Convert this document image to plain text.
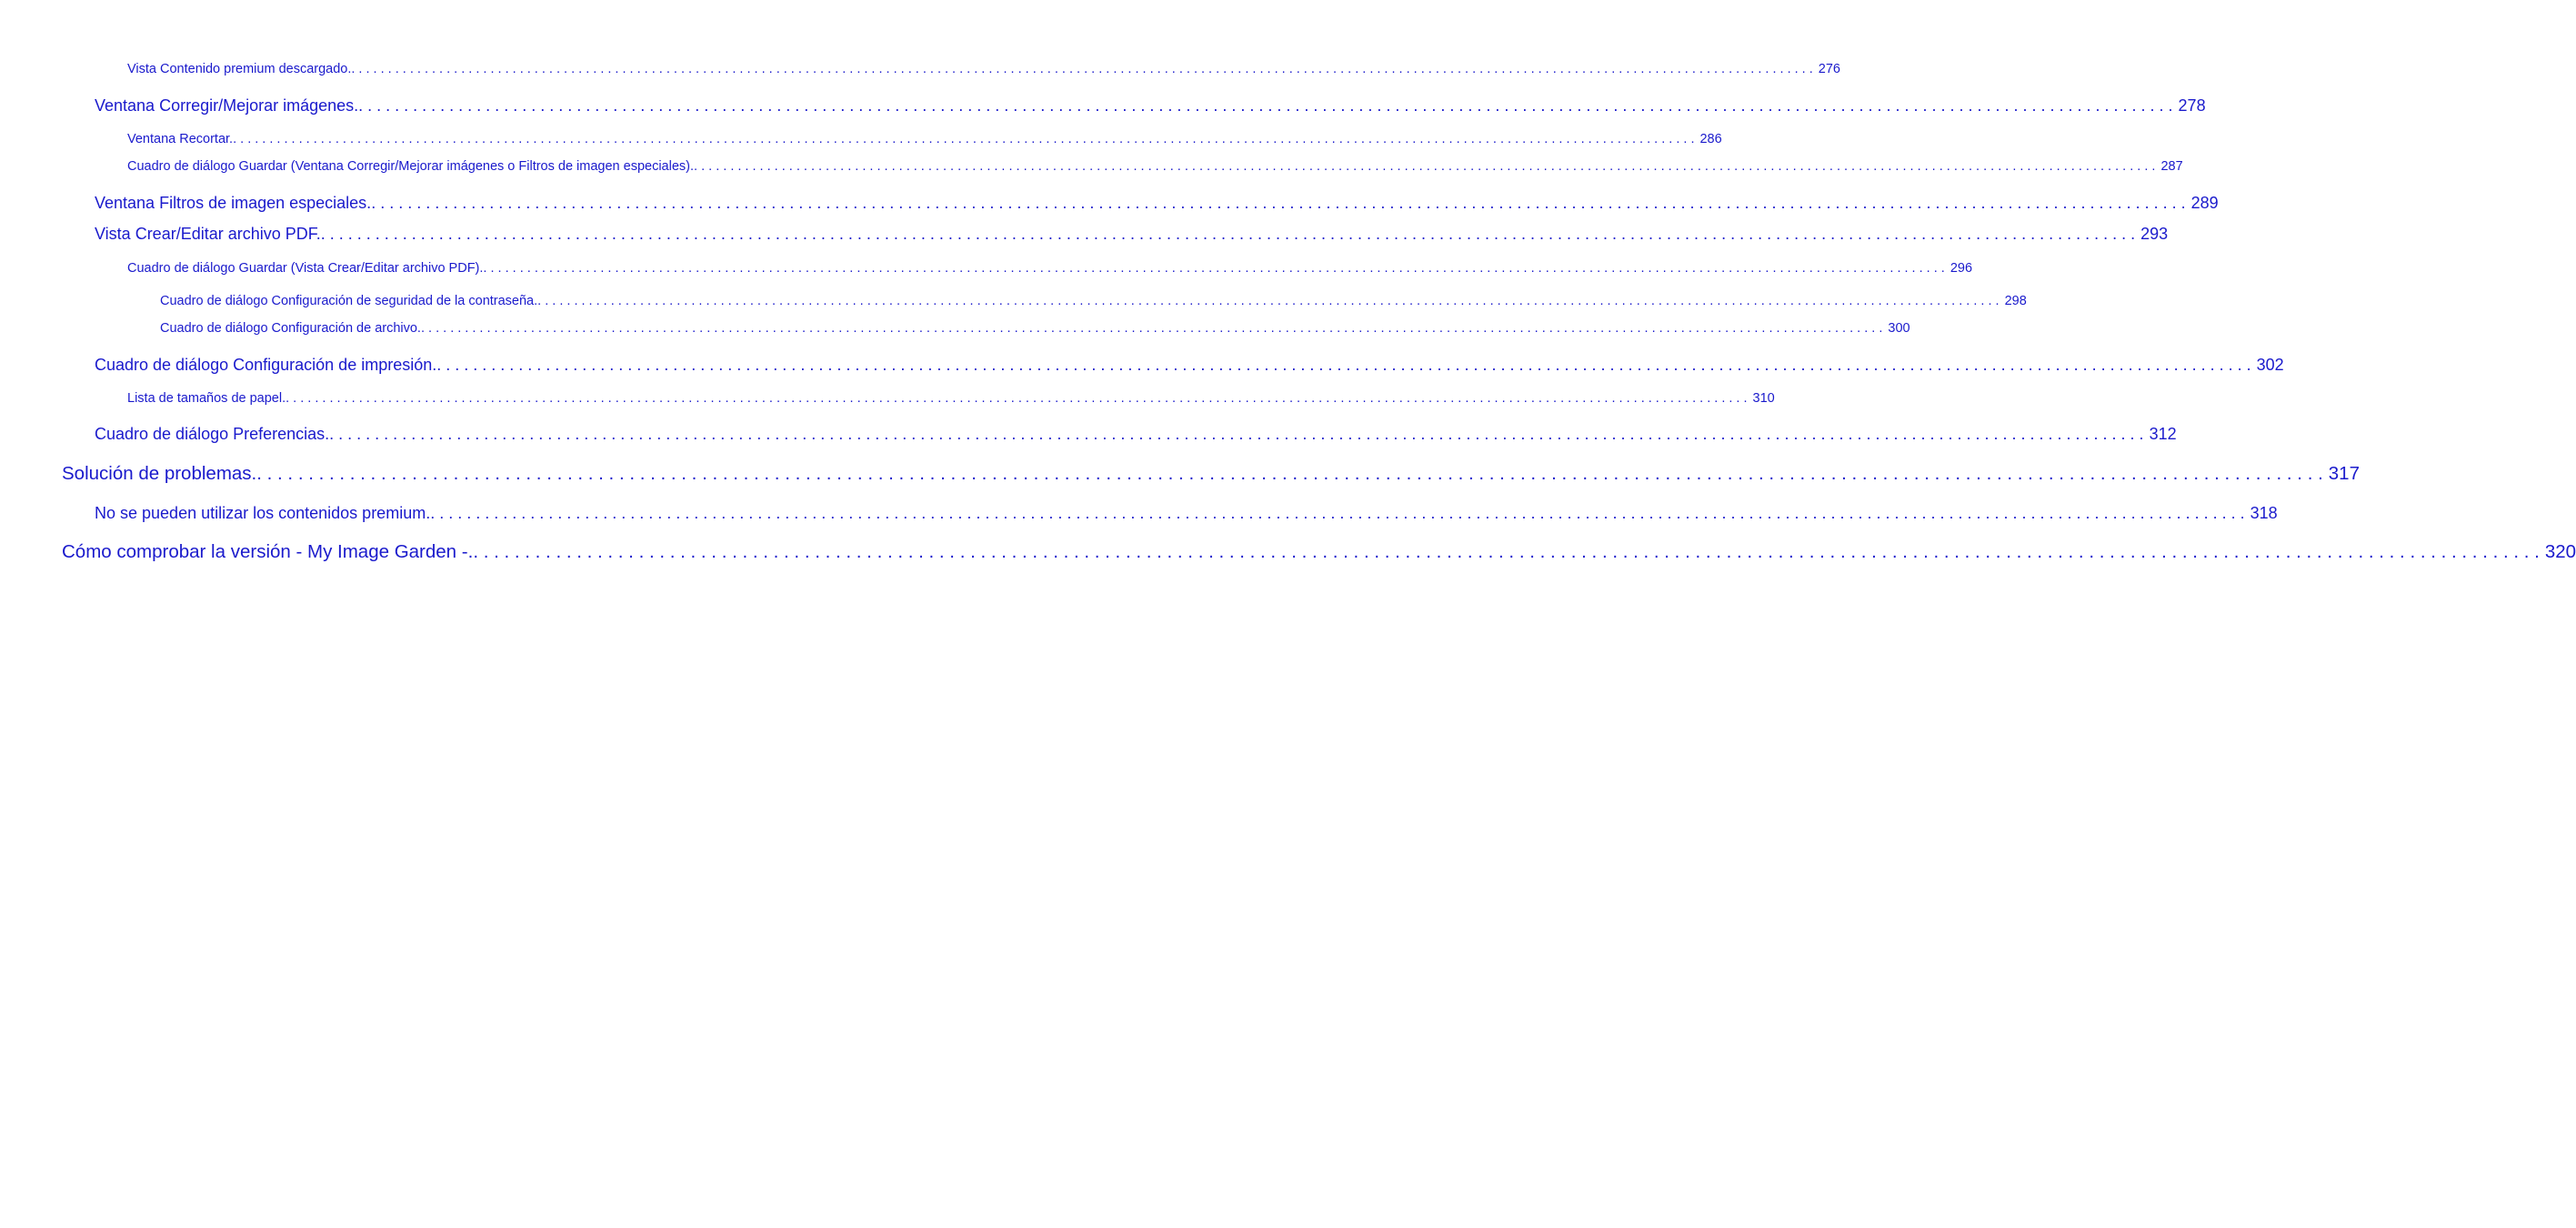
Vista Contenido premium descargado. . . . . . . . . . . . . . . . . . . . . . . . . . . . . . . . . . . . . . . . . . . . . . . . . . . . . . . . . . . . . . . . . . . . . . . . . . . . . . . . . . . . . . . . . . . . . . . . . . . . . . . . . . . . . . . . . . . . . . . . . . . . . . . . . . . . . . . . . . . . . . . . . . . . . . . . . . . . . . . . . . . . . . . . . . . . . . . . . . . . . . . . . . . . . . . . . . . . . . . . . 276
Ventana Corregir/Mejorar imágenes. . . . . . . . . . . . . . . . . . . . . . . . . . . . . . . . . . . . . . . . . . . . . . . . . . . . . . . . . . . . . . . . . . . . . . . . . . . . . . . . . . . . . . . . . . . . . . . . . . . . . . . . . . . . . . . . . . . . . . . . . . . . . . . . . . . . . . . . . . . . . . . . . . . . . . . . . . . . . . . . . . . . . . . . . . . . . . . . . . . . . . . . . . . . . . . . . . . . . . . . . 278
Ventana Recortar. . . . . . . . . . . . . . . . . . . . . . . . . . . . . . . . . . . . . . . . . . . . . . . . . . . . . . . . . . . . . . . . . . . . . . . . . . . . . . . . . . . . . . . . . . . . . . . . . . . . . . . . . . . . . . . . . . . . . . . . . . . . . . . . . . . . . . . . . . . . . . . . . . . . . . . . . . . . . . . . . . . . . . . . . . . . . . . . . . . . . . . . . . . . . . . . . . . . . . . . . 286
Cuadro de diálogo Guardar (Ventana Corregir/Mejorar imágenes o Filtros de imagen especiales). . . . . . . . . . . . . . . . . . . . . . . . . . . . . . . . . . . . . . . . . . . . . . . . . . . . . . . . . . . . . . . . . . . . . . . . . . . . . . . . . . . . . . . . . . . . . . . . . . . . . . . . . . . . . . . . . . . . . . . . . . . . . . . . . . . . . . . . . . . . . . . . . . . . . . . . . . . . . . . . . . . . . . . . . . . . . . . . . . . . . . . . . . . . . . . . . . . . . . . . . 287
Ventana Filtros de imagen especiales. . . . . . . . . . . . . . . . . . . . . . . . . . . . . . . . . . . . . . . . . . . . . . . . . . . . . . . . . . . . . . . . . . . . . . . . . . . . . . . . . . . . . . . . . . . . . . . . . . . . . . . . . . . . . . . . . . . . . . . . . . . . . . . . . . . . . . . . . . . . . . . . . . . . . . . . . . . . . . . . . . . . . . . . . . . . . . . . . . . . . . . . . . . . . . . . . . . . . . . . . 289
Vista Crear/Editar archivo PDF. . . . . . . . . . . . . . . . . . . . . . . . . . . . . . . . . . . . . . . . . . . . . . . . . . . . . . . . . . . . . . . . . . . . . . . . . . . . . . . . . . . . . . . . . . . . . . . . . . . . . . . . . . . . . . . . . . . . . . . . . . . . . . . . . . . . . . . . . . . . . . . . . . . . . . . . . . . . . . . . . . . . . . . . . . . . . . . . . . . . . . . . . . . . . . . . . . . . . . . . . 293
Cuadro de diálogo Guardar (Vista Crear/Editar archivo PDF). . . . . . . . . . . . . . . . . . . . . . . . . . . . . . . . . . . . . . . . . . . . . . . . . . . . . . . . . . . . . . . . . . . . . . . . . . . . . . . . . . . . . . . . . . . . . . . . . . . . . . . . . . . . . . . . . . . . . . . . . . . . . . . . . . . . . . . . . . . . . . . . . . . . . . . . . . . . . . . . . . . . . . . . . . . . . . . . . . . . . . . . . . . . . . . . . . . . . . . . . 296
Cuadro de diálogo Configuración de seguridad de la contraseña. . . . . . . . . . . . . . . . . . . . . . . . . . . . . . . . . . . . . . . . . . . . . . . . . . . . . . . . . . . . . . . . . . . . . . . . . . . . . . . . . . . . . . . . . . . . . . . . . . . . . . . . . . . . . . . . . . . . . . . . . . . . . . . . . . . . . . . . . . . . . . . . . . . . . . . . . . . . . . . . . . . . . . . . . . . . . . . . . . . . . . . . . . . . . . . . . . . . . . . . . 298
Cuadro de diálogo Configuración de archivo. . . . . . . . . . . . . . . . . . . . . . . . . . . . . . . . . . . . . . . . . . . . . . . . . . . . . . . . . . . . . . . . . . . . . . . . . . . . . . . . . . . . . . . . . . . . . . . . . . . . . . . . . . . . . . . . . . . . . . . . . . . . . . . . . . . . . . . . . . . . . . . . . . . . . . . . . . . . . . . . . . . . . . . . . . . . . . . . . . . . . . . . . . . . . . . . . . . . . . . . . 300
Cuadro de diálogo Configuración de impresión. . . . . . . . . . . . . . . . . . . . . . . . . . . . . . . . . . . . . . . . . . . . . . . . . . . . . . . . . . . . . . . . . . . . . . . . . . . . . . . . . . . . . . . . . . . . . . . . . . . . . . . . . . . . . . . . . . . . . . . . . . . . . . . . . . . . . . . . . . . . . . . . . . . . . . . . . . . . . . . . . . . . . . . . . . . . . . . . . . . . . . . . . . . . . . . . . . . . . . . . . 302
Lista de tamaños de papel. . . . . . . . . . . . . . . . . . . . . . . . . . . . . . . . . . . . . . . . . . . . . . . . . . . . . . . . . . . . . . . . . . . . . . . . . . . . . . . . . . . . . . . . . . . . . . . . . . . . . . . . . . . . . . . . . . . . . . . . . . . . . . . . . . . . . . . . . . . . . . . . . . . . . . . . . . . . . . . . . . . . . . . . . . . . . . . . . . . . . . . . . . . . . . . . . . . . . . . . . 310
Cuadro de diálogo Preferencias. . . . . . . . . . . . . . . . . . . . . . . . . . . . . . . . . . . . . . . . . . . . . . . . . . . . . . . . . . . . . . . . . . . . . . . . . . . . . . . . . . . . . . . . . . . . . . . . . . . . . . . . . . . . . . . . . . . . . . . . . . . . . . . . . . . . . . . . . . . . . . . . . . . . . . . . . . . . . . . . . . . . . . . . . . . . . . . . . . . . . . . . . . . . . . . . . . . . . . . . . 312
Solución de problemas. . . . . . . . . . . . . . . . . . . . . . . . . . . . . . . . . . . . . . . . . . . . . . . . . . . . . . . . . . . . . . . . . . . . . . . . . . . . . . . . . . . . . . . . . . . . . . . . . . . . . . . . . . . . . . . . . . . . . . . . . . . . . . . . . . . . . . . . . . . . . . . . . . . . . . . . . . . . . . . . . . . . . . . . . . . . . . . . . . . . . . . . . . . . . . . . . . . . . . . . . 317
No se pueden utilizar los contenidos premium. . . . . . . . . . . . . . . . . . . . . . . . . . . . . . . . . . . . . . . . . . . . . . . . . . . . . . . . . . . . . . . . . . . . . . . . . . . . . . . . . . . . . . . . . . . . . . . . . . . . . . . . . . . . . . . . . . . . . . . . . . . . . . . . . . . . . . . . . . . . . . . . . . . . . . . . . . . . . . . . . . . . . . . . . . . . . . . . . . . . . . . . . . . . . . . . . . . . . . . . . 318
Cómo comprobar la versión - My Image Garden -. . . . . . . . . . . . . . . . . . . . . . . . . . . . . . . . . . . . . . . . . . . . . . . . . . . . . . . . . . . . . . . . . . . . . . . . . . . . . . . . . . . . . . . . . . . . . . . . . . . . . . . . . . . . . . . . . . . . . . . . . . . . . . . . . . . . . . . . . . . . . . . . . . . . . . . . . . . . . . . . . . . . . . . . . . . . . . . . . . . . . . . . . . . . . . . . . . . . . . . . . 320
